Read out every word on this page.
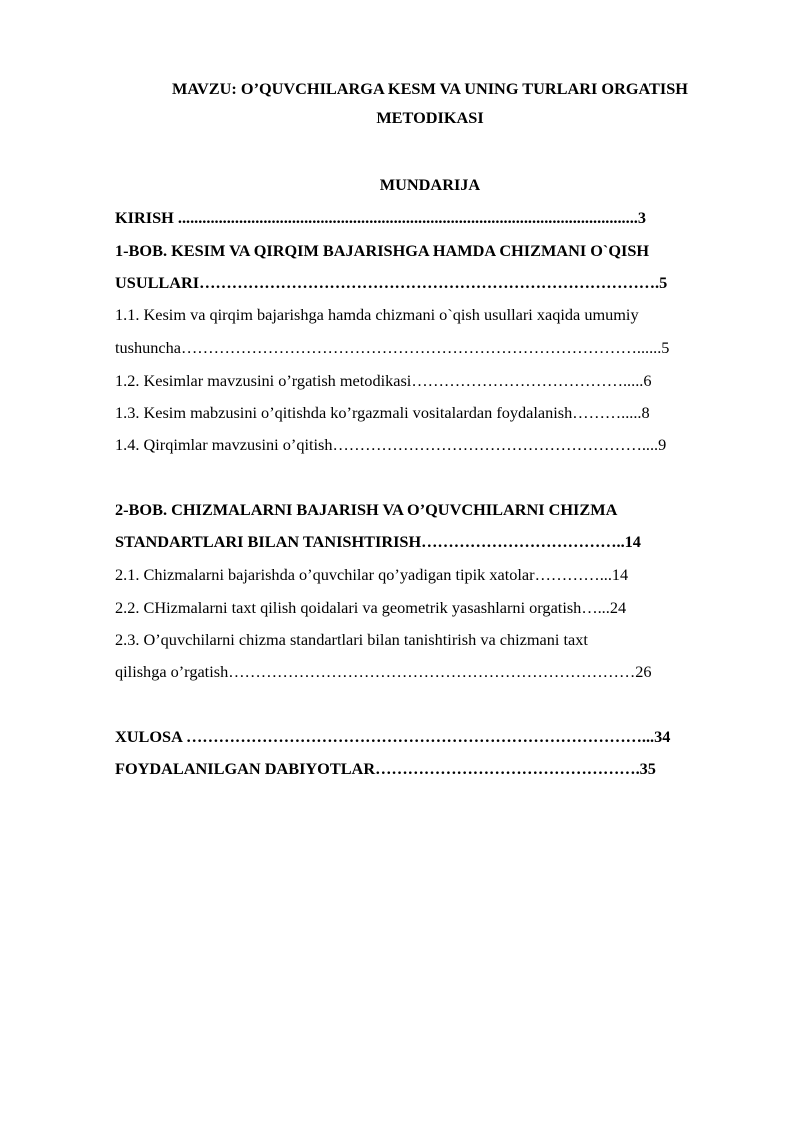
MAVZU: O’QUVCHILARGA KESM VA UNING TURLARI ORGATISH
METODIKASI
MUNDARIJA
KIRISH .................................................................................................................3
1-BOB. KESIM VA QIRQIM BAJARISHGA HAMDA CHIZMANI O`QISH
USULLARI………………………………………………………………………….5
1.1. Kesim va qirqim bajarishga hamda chizmani o`qish usullari xaqida umumiy
tushuncha…………………………………………………………………………......5
1.2. Kesimlar mavzusini o’rgatish metodikasi………………………………….....6
1.3. Kesim mabzusini o’qitishda ko’rgazmali vositalardan foydalanish……….....8
1.4. Qirqimlar mavzusini o’qitish…………………………………………………....9
2-BOB. CHIZMALARNI BAJARISH VA O’QUVCHILARNI CHIZMA
STANDARTLARI BILAN TANISHTIRISH………………………………..14
2.1. Chizmalarni bajarishda o’quvchilar qo’yadigan tipik xatolar…………...14
2.2. CHizmalarni taxt qilish qoidalari va geometrik yasashlarni orgatish…...24
2.3. O’quvchilarni chizma standartlari bilan tanishtirish va chizmani taxt
qilishga o’rgatish…………………………………………………………………26
XULOSA …………………………………………………………………………...34
FOYDALANILGAN DABIYOTLAR………………………………………….35
